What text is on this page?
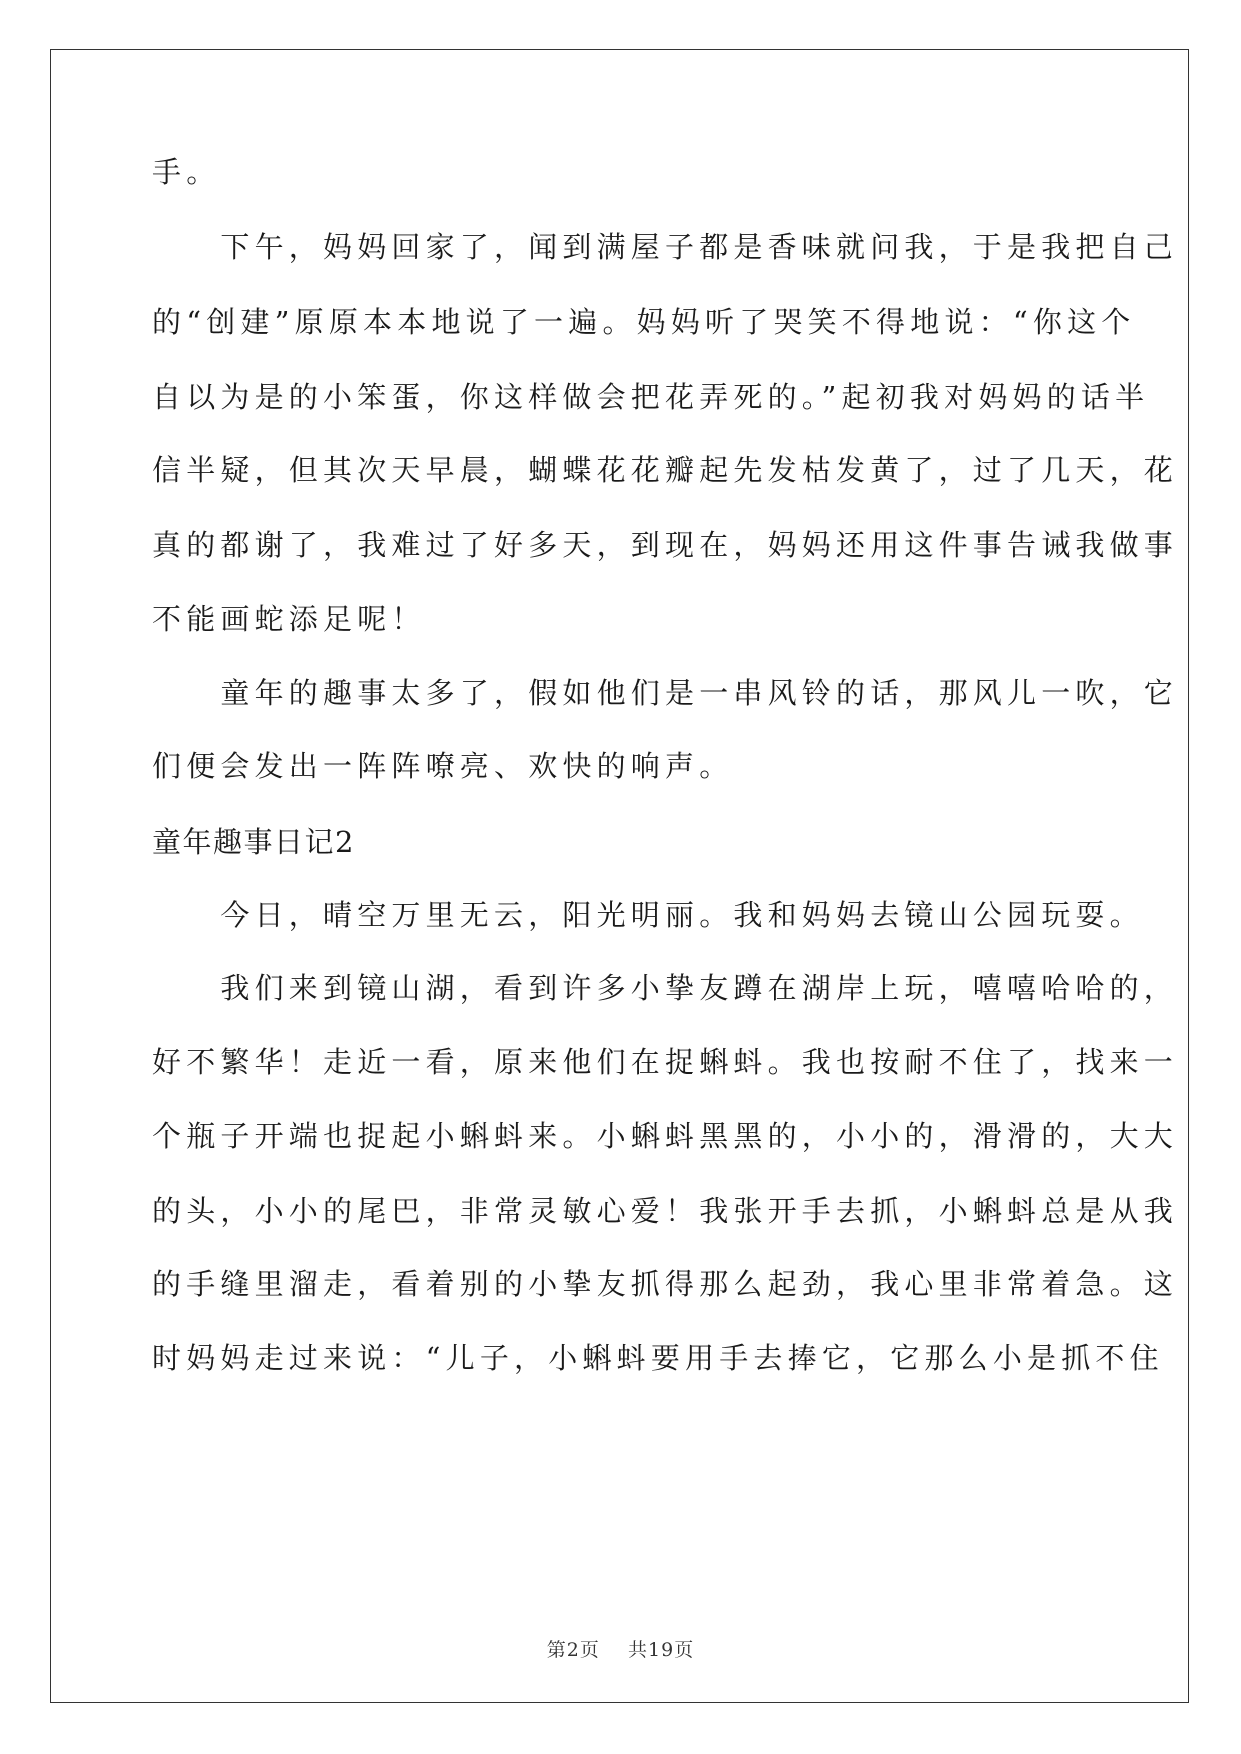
手。
　　下午，妈妈回家了，闻到满屋子都是香味就问我，于是我把自己
的“创建”原原本本地说了一遍。妈妈听了哭笑不得地说：“你这个
自以为是的小笨蛋，你这样做会把花弄死的。”起初我对妈妈的话半
信半疑，但其次天早晨，蝴蝶花花瓣起先发枯发黄了，过了几天，花
真的都谢了，我难过了好多天，到现在，妈妈还用这件事告诫我做事
不能画蛇添足呢！
　　童年的趣事太多了，假如他们是一串风铃的话，那风儿一吹，它
们便会发出一阵阵嘹亮、欢快的响声。
童年趣事日记2
　　今日，晴空万里无云，阳光明丽。我和妈妈去镜山公园玩耍。
　　我们来到镜山湖，看到许多小挚友蹲在湖岸上玩，嘻嘻哈哈的，
好不繁华！走近一看，原来他们在捉蝌蚪。我也按耐不住了，找来一
个瓶子开端也捉起小蝌蚪来。小蝌蚪黑黑的，小小的，滑滑的，大大
的头，小小的尾巴，非常灵敏心爱！我张开手去抓，小蝌蚪总是从我
的手缝里溜走，看着别的小挚友抓得那么起劲，我心里非常着急。这
时妈妈走过来说：“儿子，小蝌蚪要用手去捧它，它那么小是抓不住
第2页 共19页
